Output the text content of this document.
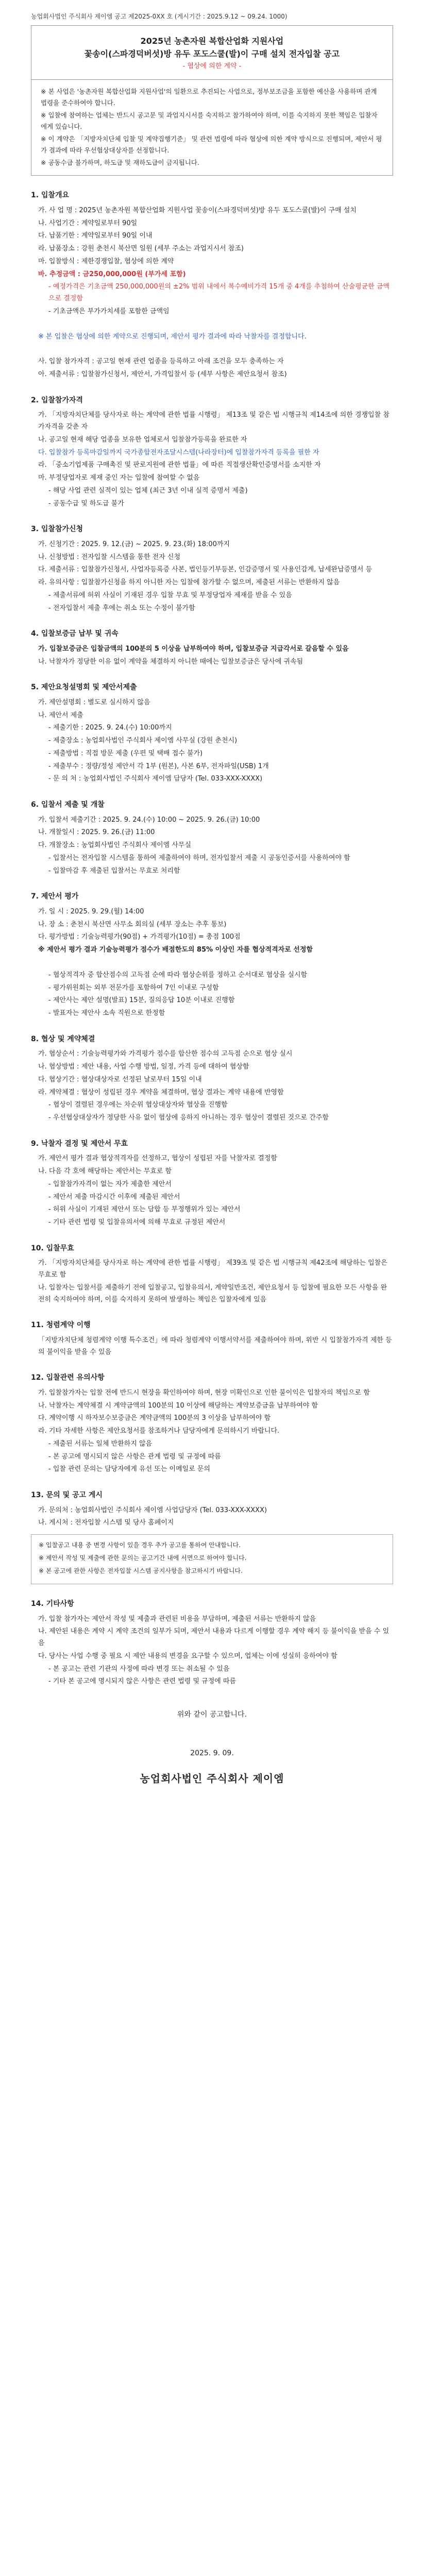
농업회사법인 주식회사 제이엠 공고 제2025-0XX 호 (게시기간 : 2025.9.12 ~ 09.24. 1000)
2025년 농촌자원 복합산업화 지원사업
꽃송이(스파경덕버섯)방 유두 포도스쿨(발)이 구매 설치 전자입찰 공고
- 협상에 의한 계약 -

※ 본 사업은 '농촌자원 복합산업화 지원사업'의 일환으로 추진되는 사업으로, 정부보조금을 포함한 예산을 사용하며 관계 법령을 준수하여야 합니다.

※ 입찰에 참여하는 업체는 반드시 공고문 및 과업지시서를 숙지하고 참가하여야 하며, 이를 숙지하지 못한 책임은 입찰자에게 있습니다.

※ 이 계약은 「지방자치단체 입찰 및 계약집행기준」 및 관련 법령에 따라 협상에 의한 계약 방식으로 진행되며, 제안서 평가 결과에 따라 우선협상대상자를 선정합니다.

※ 공동수급 불가하며, 하도급 및 재하도급이 금지됩니다.

1. 입찰개요
가. 사 업 명 : 2025년 농촌자원 복합산업화 지원사업 꽃송이(스파경덕버섯)방 유두 포도스쿨(발)이 구매 설치
나. 사업기간 : 계약일로부터 90일
다. 납품기한 : 계약일로부터 90일 이내
라. 납품장소 : 강원 춘천시 북산면 일원 (세부 주소는 과업지시서 참조)
마. 입찰방식 : 제한경쟁입찰, 협상에 의한 계약
바. 추정금액 : 금250,000,000원 (부가세 포함)
- 예정가격은 기초금액 250,000,000원의 ±2% 범위 내에서 복수예비가격 15개 중 4개를 추첨하여 산술평균한 금액으로 결정함
- 기초금액은 부가가치세를 포함한 금액임
※ 본 입찰은 협상에 의한 계약으로 진행되며, 제안서 평가 결과에 따라 낙찰자를 결정합니다.
사. 입찰 참가자격 : 공고일 현재 관련 업종을 등록하고 아래 조건을 모두 충족하는 자
아. 제출서류 : 입찰참가신청서, 제안서, 가격입찰서 등 (세부 사항은 제안요청서 참조)
2. 입찰참가자격
가. 「지방자치단체를 당사자로 하는 계약에 관한 법률 시행령」 제13조 및 같은 법 시행규칙 제14조에 의한 경쟁입찰 참가자격을 갖춘 자
나. 공고일 현재 해당 업종을 보유한 업체로서 입찰참가등록을 완료한 자
다. 입찰참가 등록마감일까지 국가종합전자조달시스템(나라장터)에 입찰참가자격 등록을 필한 자
라. 「중소기업제품 구매촉진 및 판로지원에 관한 법률」에 따른 직접생산확인증명서를 소지한 자
마. 부정당업자로 제재 중인 자는 입찰에 참여할 수 없음
- 해당 사업 관련 실적이 있는 업체 (최근 3년 이내 실적 증명서 제출)
- 공동수급 및 하도급 불가
3. 입찰참가신청
가. 신청기간 : 2025. 9. 12.(금) ~ 2025. 9. 23.(화) 18:00까지
나. 신청방법 : 전자입찰 시스템을 통한 전자 신청
다. 제출서류 : 입찰참가신청서, 사업자등록증 사본, 법인등기부등본, 인감증명서 및 사용인감계, 납세완납증명서 등
라. 유의사항 : 입찰참가신청을 하지 아니한 자는 입찰에 참가할 수 없으며, 제출된 서류는 반환하지 않음
- 제출서류에 허위 사실이 기재된 경우 입찰 무효 및 부정당업자 제재를 받을 수 있음
- 전자입찰서 제출 후에는 취소 또는 수정이 불가함
4. 입찰보증금 납부 및 귀속
가. 입찰보증금은 입찰금액의 100분의 5 이상을 납부하여야 하며, 입찰보증금 지급각서로 갈음할 수 있음
나. 낙찰자가 정당한 이유 없이 계약을 체결하지 아니한 때에는 입찰보증금은 당사에 귀속됨
5. 제안요청설명회 및 제안서제출
가. 제안설명회 : 별도로 실시하지 않음
나. 제안서 제출
- 제출기한 : 2025. 9. 24.(수) 10:00까지
- 제출장소 : 농업회사법인 주식회사 제이엠 사무실 (강원 춘천시)
- 제출방법 : 직접 방문 제출 (우편 및 택배 접수 불가)
- 제출부수 : 정량/정성 제안서 각 1부 (원본), 사본 6부, 전자파일(USB) 1개
- 문 의 처 : 농업회사법인 주식회사 제이엠 담당자 (Tel. 033-XXX-XXXX)
6. 입찰서 제출 및 개찰
가. 입찰서 제출기간 : 2025. 9. 24.(수) 10:00 ~ 2025. 9. 26.(금) 10:00
나. 개찰일시 : 2025. 9. 26.(금) 11:00
다. 개찰장소 : 농업회사법인 주식회사 제이엠 사무실
- 입찰서는 전자입찰 시스템을 통하여 제출하여야 하며, 전자입찰서 제출 시 공동인증서를 사용하여야 함
- 입찰마감 후 제출된 입찰서는 무효로 처리함
7. 제안서 평가
가. 일 시 : 2025. 9. 29.(월) 14:00
나. 장 소 : 춘천시 북산면 사무소 회의실 (세부 장소는 추후 통보)
다. 평가방법 : 기술능력평가(90점) + 가격평가(10점) = 총점 100점
※ 제안서 평가 결과 기술능력평가 점수가 배점한도의 85% 이상인 자를 협상적격자로 선정함
- 협상적격자 중 합산점수의 고득점 순에 따라 협상순위를 정하고 순서대로 협상을 실시함
- 평가위원회는 외부 전문가를 포함하여 7인 이내로 구성함
- 제안사는 제안 설명(발표) 15분, 질의응답 10분 이내로 진행함
- 발표자는 제안사 소속 직원으로 한정함
8. 협상 및 계약체결
가. 협상순서 : 기술능력평가와 가격평가 점수를 합산한 점수의 고득점 순으로 협상 실시
나. 협상방법 : 제안 내용, 사업 수행 방법, 일정, 가격 등에 대하여 협상함
다. 협상기간 : 협상대상자로 선정된 날로부터 15일 이내
라. 계약체결 : 협상이 성립된 경우 계약을 체결하며, 협상 결과는 계약 내용에 반영함
- 협상이 결렬된 경우에는 차순위 협상대상자와 협상을 진행함
- 우선협상대상자가 정당한 사유 없이 협상에 응하지 아니하는 경우 협상이 결렬된 것으로 간주함
9. 낙찰자 결정 및 제안서 무효
가. 제안서 평가 결과 협상적격자를 선정하고, 협상이 성립된 자를 낙찰자로 결정함
나. 다음 각 호에 해당하는 제안서는 무효로 함
- 입찰참가자격이 없는 자가 제출한 제안서
- 제안서 제출 마감시간 이후에 제출된 제안서
- 허위 사실이 기재된 제안서 또는 담합 등 부정행위가 있는 제안서
- 기타 관련 법령 및 입찰유의서에 의해 무효로 규정된 제안서
10. 입찰무효
가. 「지방자치단체를 당사자로 하는 계약에 관한 법률 시행령」 제39조 및 같은 법 시행규칙 제42조에 해당하는 입찰은 무효로 함
나. 입찰자는 입찰서를 제출하기 전에 입찰공고, 입찰유의서, 계약일반조건, 제안요청서 등 입찰에 필요한 모든 사항을 완전히 숙지하여야 하며, 이를 숙지하지 못하여 발생하는 책임은 입찰자에게 있음
11. 청렴계약 이행
「지방자치단체 청렴계약 이행 특수조건」에 따라 청렴계약 이행서약서를 제출하여야 하며, 위반 시 입찰참가자격 제한 등의 불이익을 받을 수 있음
12. 입찰관련 유의사항
가. 입찰참가자는 입찰 전에 반드시 현장을 확인하여야 하며, 현장 미확인으로 인한 불이익은 입찰자의 책임으로 함
나. 낙찰자는 계약체결 시 계약금액의 100분의 10 이상에 해당하는 계약보증금을 납부하여야 함
다. 계약이행 시 하자보수보증금은 계약금액의 100분의 3 이상을 납부하여야 함
라. 기타 자세한 사항은 제안요청서를 참조하거나 담당자에게 문의하시기 바랍니다.
- 제출된 서류는 일체 반환하지 않음
- 본 공고에 명시되지 않은 사항은 관계 법령 및 규정에 따름
- 입찰 관련 문의는 담당자에게 유선 또는 이메일로 문의
13. 문의 및 공고 게시
가. 문의처 : 농업회사법인 주식회사 제이엠 사업담당자 (Tel. 033-XXX-XXXX)
나. 게시처 : 전자입찰 시스템 및 당사 홈페이지
※ 입찰공고 내용 중 변경 사항이 있을 경우 추가 공고를 통하여 안내합니다.
※ 제안서 작성 및 제출에 관한 문의는 공고기간 내에 서면으로 하여야 합니다.
※ 본 공고에 관한 사항은 전자입찰 시스템 공지사항을 참고하시기 바랍니다.
14. 기타사항
가. 입찰 참가자는 제안서 작성 및 제출과 관련된 비용을 부담하며, 제출된 서류는 반환하지 않음
나. 제안된 내용은 계약 시 계약 조건의 일부가 되며, 제안서 내용과 다르게 이행할 경우 계약 해지 등 불이익을 받을 수 있음
다. 당사는 사업 수행 중 필요 시 제안 내용의 변경을 요구할 수 있으며, 업체는 이에 성실히 응하여야 함
- 본 공고는 관련 기관의 사정에 따라 변경 또는 취소될 수 있음
- 기타 본 공고에 명시되지 않은 사항은 관련 법령 및 규정에 따름
위와 같이 공고합니다.
2025. 9. 09.
농업회사법인 주식회사 제이엠
